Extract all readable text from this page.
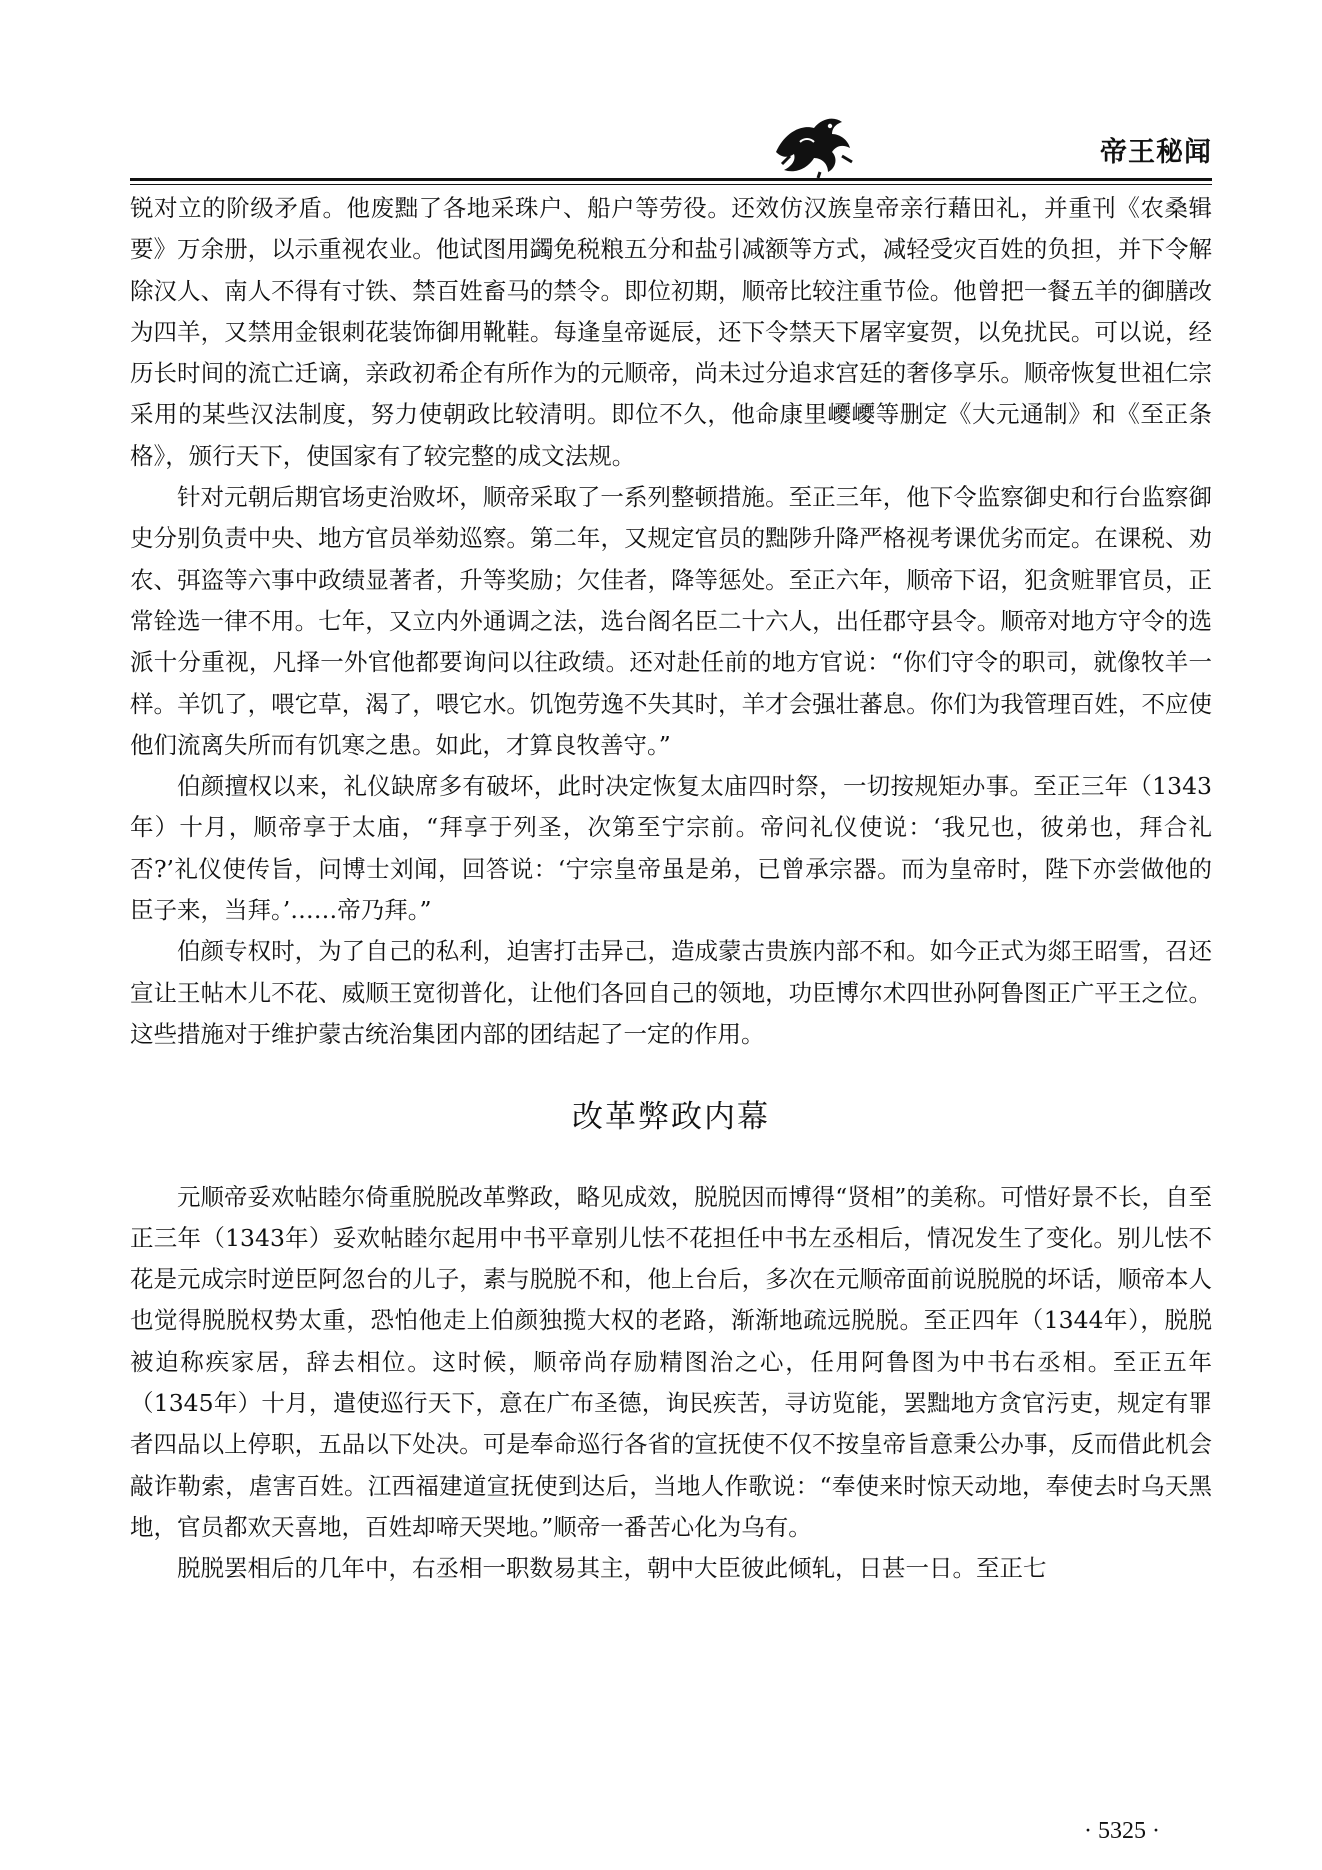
帝王秘闻

锐对立的阶级矛盾。他废黜了各地采珠户、船户等劳役。还效仿汉族皇帝亲行藉田礼，并重刊《农桑辑要》万余册，以示重视农业。他试图用蠲免税粮五分和盐引减额等方式，减轻受灾百姓的负担，并下令解除汉人、南人不得有寸铁、禁百姓畜马的禁令。即位初期，顺帝比较注重节俭。他曾把一餐五羊的御膳改为四羊，又禁用金银刺花装饰御用靴鞋。每逢皇帝诞辰，还下令禁天下屠宰宴贺，以免扰民。可以说，经历长时间的流亡迁谪，亲政初希企有所作为的元顺帝，尚未过分追求宫廷的奢侈享乐。顺帝恢复世祖仁宗采用的某些汉法制度，努力使朝政比较清明。即位不久，他命康里巎巎等删定《大元通制》和《至正条格》，颁行天下，使国家有了较完整的成文法规。

针对元朝后期官场吏治败坏，顺帝采取了一系列整顿措施。至正三年，他下令监察御史和行台监察御史分别负责中央、地方官员举劾巡察。第二年，又规定官员的黜陟升降严格视考课优劣而定。在课税、劝农、弭盗等六事中政绩显著者，升等奖励；欠佳者，降等惩处。至正六年，顺帝下诏，犯贪赃罪官员，正常铨选一律不用。七年，又立内外通调之法，选台阁名臣二十六人，出任郡守县令。顺帝对地方守令的选派十分重视，凡择一外官他都要询问以往政绩。还对赴任前的地方官说：“你们守令的职司，就像牧羊一样。羊饥了，喂它草，渴了，喂它水。饥饱劳逸不失其时，羊才会强壮蕃息。你们为我管理百姓，不应使他们流离失所而有饥寒之患。如此，才算良牧善守。”

伯颜擅权以来，礼仪缺席多有破坏，此时决定恢复太庙四时祭，一切按规矩办事。至正三年（1343年）十月，顺帝享于太庙，“拜享于列圣，次第至宁宗前。帝问礼仪使说：‘我兄也，彼弟也，拜合礼否?’礼仪使传旨，问博士刘闻，回答说：‘宁宗皇帝虽是弟，已曾承宗器。而为皇帝时，陛下亦尝做他的臣子来，当拜。’……帝乃拜。”

伯颜专权时，为了自己的私利，迫害打击异己，造成蒙古贵族内部不和。如今正式为郯王昭雪，召还宣让王帖木儿不花、威顺王宽彻普化，让他们各回自己的领地，功臣博尔术四世孙阿鲁图正广平王之位。这些措施对于维护蒙古统治集团内部的团结起了一定的作用。

改革弊政内幕

元顺帝妥欢帖睦尔倚重脱脱改革弊政，略见成效，脱脱因而博得“贤相”的美称。可惜好景不长，自至正三年（1343年）妥欢帖睦尔起用中书平章别儿怯不花担任中书左丞相后，情况发生了变化。别儿怯不花是元成宗时逆臣阿忽台的儿子，素与脱脱不和，他上台后，多次在元顺帝面前说脱脱的坏话，顺帝本人也觉得脱脱权势太重，恐怕他走上伯颜独揽大权的老路，渐渐地疏远脱脱。至正四年（1344年），脱脱被迫称疾家居，辞去相位。这时候，顺帝尚存励精图治之心，任用阿鲁图为中书右丞相。至正五年（1345年）十月，遣使巡行天下，意在广布圣德，询民疾苦，寻访览能，罢黜地方贪官污吏，规定有罪者四品以上停职，五品以下处决。可是奉命巡行各省的宣抚使不仅不按皇帝旨意秉公办事，反而借此机会敲诈勒索，虐害百姓。江西福建道宣抚使到达后，当地人作歌说：“奉使来时惊天动地，奉使去时乌天黑地，官员都欢天喜地，百姓却啼天哭地。”顺帝一番苦心化为乌有。

脱脱罢相后的几年中，右丞相一职数易其主，朝中大臣彼此倾轧，日甚一日。至正七

· 5325 ·
